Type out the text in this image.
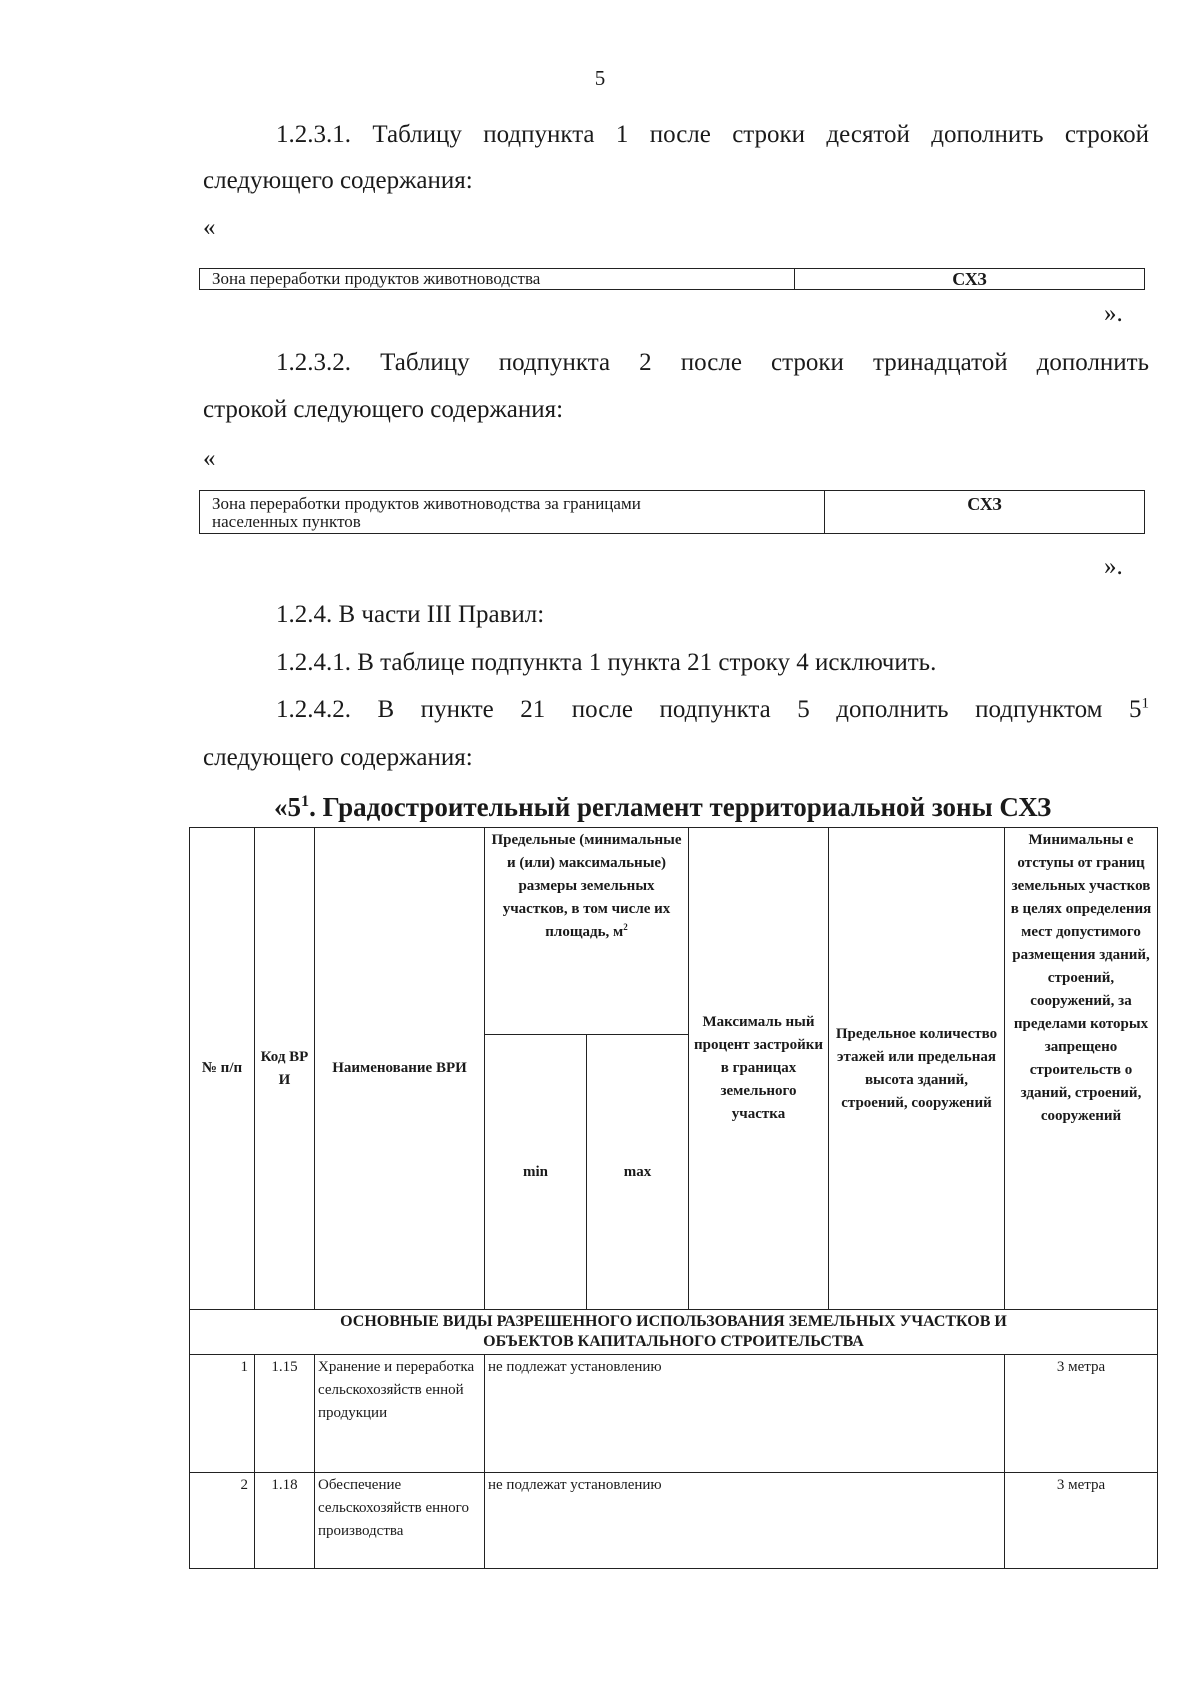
5
1.2.3.1. Таблицу подпункта 1 после строки десятой дополнить строкой
следующего содержания:
«
Зона переработки продуктов животноводства	СХЗ
».
1.2.3.2. Таблицу подпункта 2 после строки тринадцатой дополнить
строкой следующего содержания:
«
Зона переработки продуктов животноводства за границами
населенных пунктов
	СХЗ
».
1.2.4. В части III Правил:
1.2.4.1. В таблице подпункта 1 пункта 21 строку 4 исключить.
1.2.4.2. В пункте 21 после подпункта 5 дополнить подпунктом $5^1$
следующего содержания:
«$5^1$. Градостроительный регламент территориальной зоны СХЗ
№ п/п	Код ВР И	Наименование ВРИ	Предельные (минимальные и (или) максимальные) размеры земельных участков, в том числе их площадь, $м^2$		Максималь ный процент застройки в границах земельного участка	Предельное количество этажей или предельная высота зданий, строений, сооружений	Минимальны е отступы от границ земельных участков в целях определения мест допустимого размещения зданий, строений, сооружений, за пределами которых запрещено строительств о зданий, строений, сооружений
			min	max			

ОСНОВНЫЕ ВИДЫ РАЗРЕШЕННОГО ИСПОЛЬЗОВАНИЯ ЗЕМЕЛЬНЫХ УЧАСТКОВ И
ОБЪЕКТОВ КАПИТАЛЬНОГО СТРОИТЕЛЬСТВА							

1	1.15	Хранение и переработка сельскохозяйств енной продукции	не подлежат установлению				3 метра
2	1.18	Обеспечение сельскохозяйств енного производства	не подлежат установлению				3 метра
